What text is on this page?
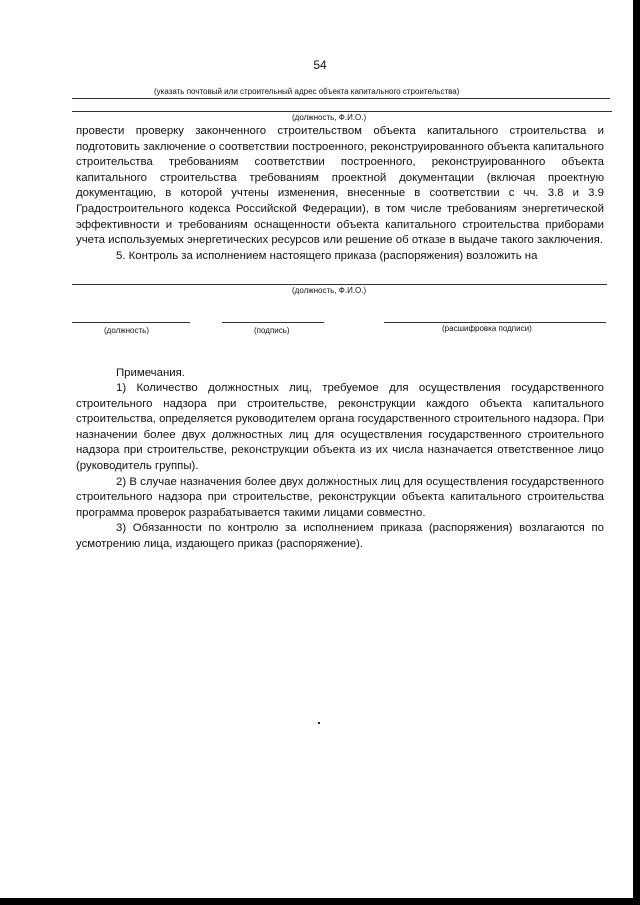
54
(указать почтовый или строительный адрес объекта капитального строительства)
(должность, Ф.И.О.)

провести проверку законченного строительством объекта капитального строительства и подготовить заключение о соответствии построенного, реконструированного объекта капитального строительства требованиям соответствии построенного, реконструированного объекта капитального строительства требованиям проектной документации (включая проектную документацию, в которой учтены изменения, внесенные в соответствии с чч. 3.8 и 3.9 Градостроительного кодекса Российской Федерации), в том числе требованиям энергетической эффективности и требованиям оснащенности объекта капитального строительства приборами учета используемых энергетических ресурсов или решение об отказе в выдаче такого заключения.

5. Контроль за исполнением настоящего приказа (распоряжения) возложить на

(должность, Ф.И.О.)
(должность)	(подпись)	(расшифровка подписи)
Примечания.

1) Количество должностных лиц, требуемое для осуществления государственного строительного надзора при строительстве, реконструкции каждого объекта капитального строительства, определяется руководителем органа государственного строительного надзора. При назначении более двух должностных лиц для осуществления государственного строительного надзора при строительстве, реконструкции объекта из их числа назначается ответственное лицо (руководитель группы).

2) В случае назначения более двух должностных лиц для осуществления государственного строительного надзора при строительстве, реконструкции объекта капитального строительства программа проверок разрабатывается такими лицами совместно.

3) Обязанности по контролю за исполнением приказа (распоряжения) возлагаются по усмотрению лица, издающего приказ (распоряжение).
